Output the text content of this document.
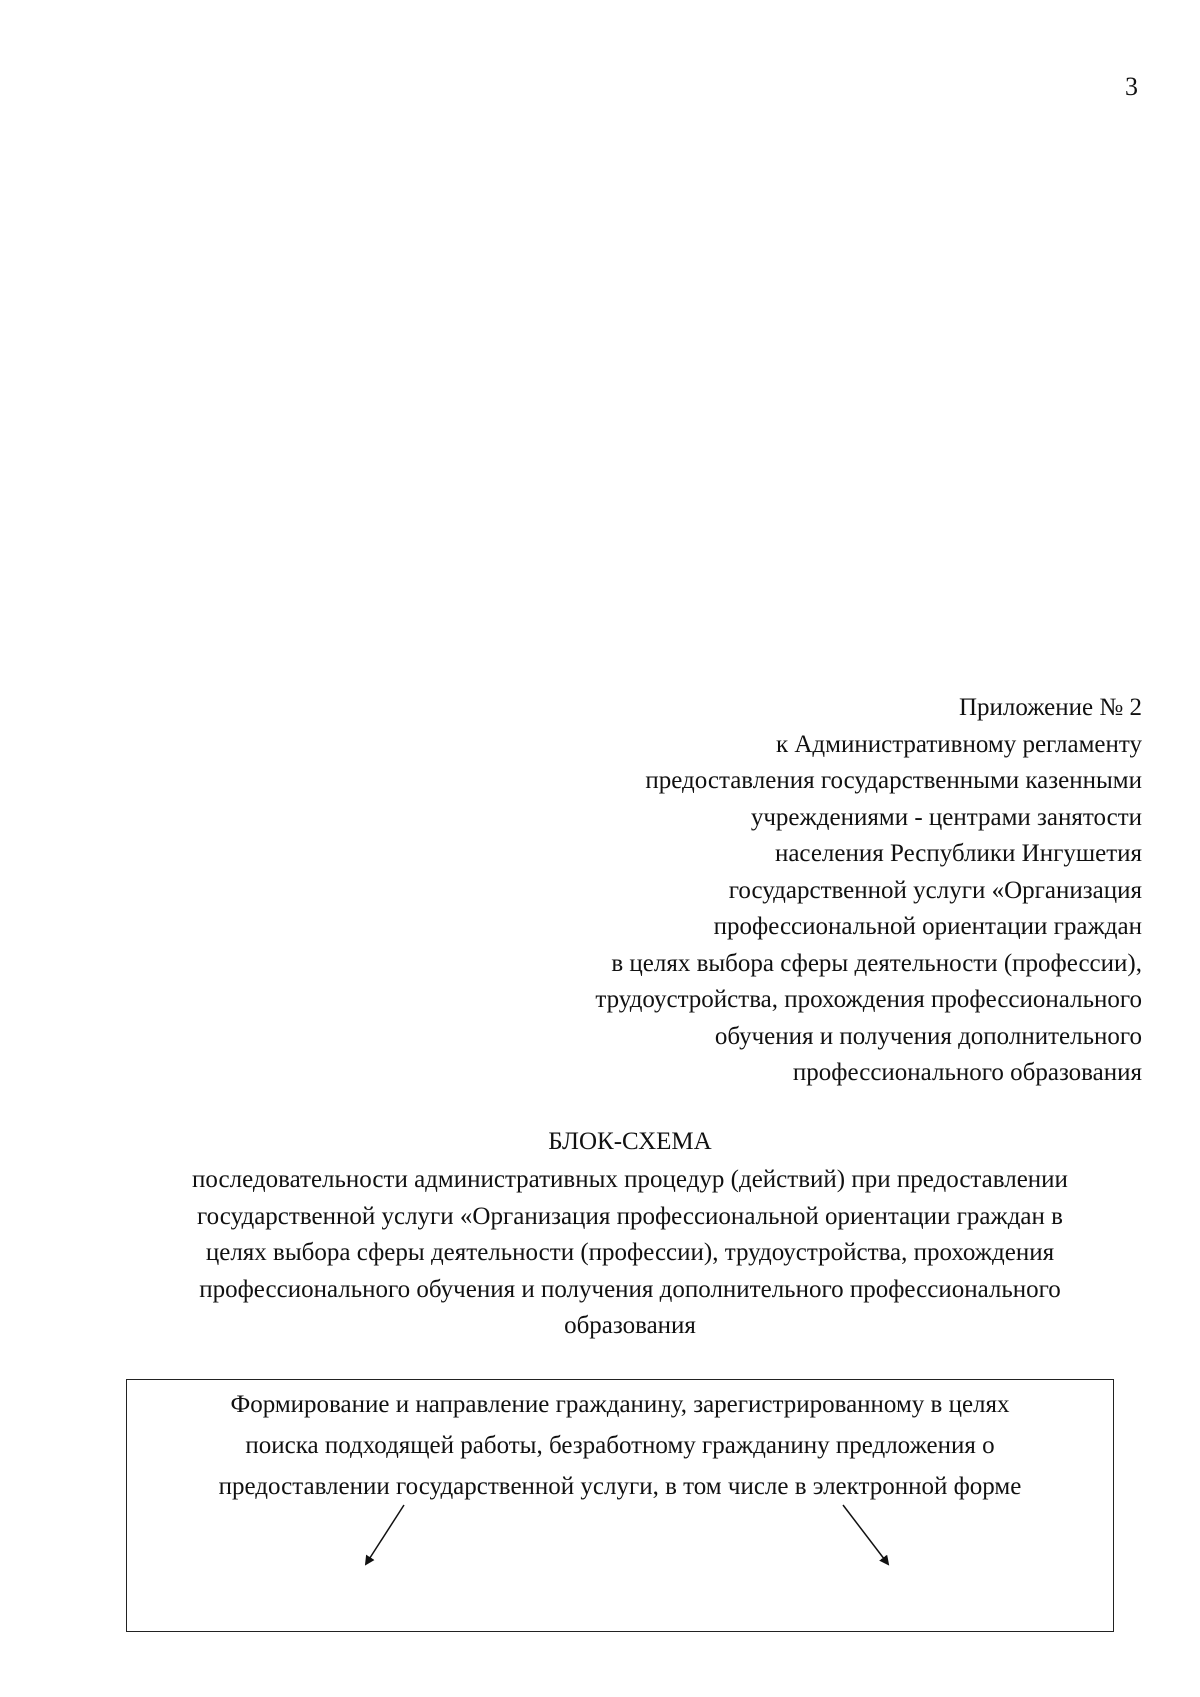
3
Приложение № 2
к Административному регламенту
предоставления государственными казенными
учреждениями - центрами занятости
населения Республики Ингушетия
государственной услуги «Организация
профессиональной ориентации граждан
в целях выбора сферы деятельности (профессии),
трудоустройства, прохождения профессионального
обучения и получения дополнительного
профессионального образования
БЛОК-СХЕМА
последовательности административных процедур (действий) при предоставлении
государственной услуги «Организация профессиональной ориентации граждан в
целях выбора сферы деятельности (профессии), трудоустройства, прохождения
профессионального обучения и получения дополнительного профессионального
образования
Формирование и направление гражданину, зарегистрированному в целях
поиска подходящей работы, безработному гражданину предложения о
предоставлении государственной услуги, в том числе в электронной форме
